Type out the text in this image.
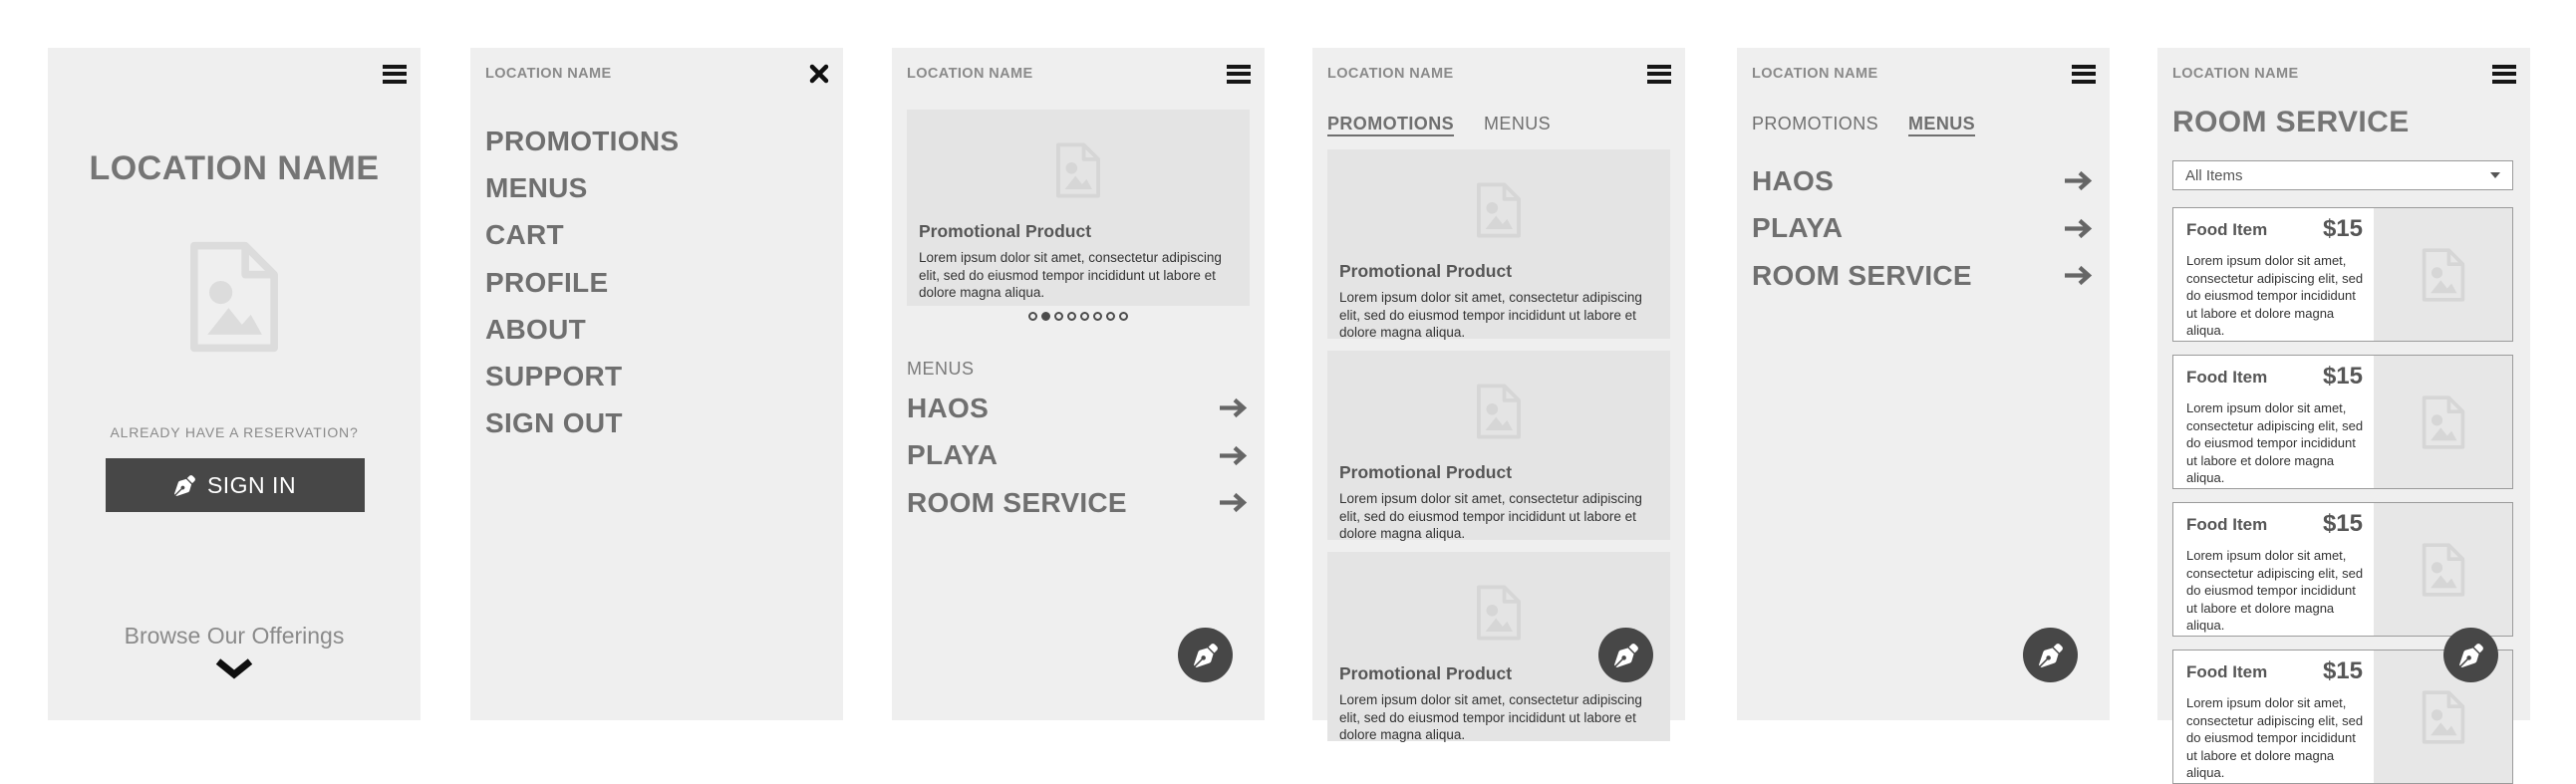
LOCATION NAME
ALREADY HAVE A RESERVATION?
SIGN IN
Browse Our Offerings
LOCATION NAME
PROMOTIONS
MENUS
CART
PROFILE
ABOUT
SUPPORT
SIGN OUT
LOCATION NAME
Promotional Product
Lorem ipsum dolor sit amet, consectetur adipiscing elit, sed do eiusmod tempor incididunt ut labore et dolore magna aliqua.
MENUS
HAOS
PLAYA
ROOM SERVICE
LOCATION NAME
PROMOTIONS MENUS
Promotional Product
Lorem ipsum dolor sit amet, consectetur adipiscing elit, sed do eiusmod tempor incididunt ut labore et dolore magna aliqua.
Promotional Product
Lorem ipsum dolor sit amet, consectetur adipiscing elit, sed do eiusmod tempor incididunt ut labore et dolore magna aliqua.
Promotional Product
Lorem ipsum dolor sit amet, consectetur adipiscing elit, sed do eiusmod tempor incididunt ut labore et dolore magna aliqua.
LOCATION NAME
PROMOTIONS MENUS
HAOS
PLAYA
ROOM SERVICE
LOCATION NAME
ROOM SERVICE
All Items
Food Item $15
Lorem ipsum dolor sit amet, consectetur adipiscing elit, sed do eiusmod tempor incididunt ut labore et dolore magna aliqua.
Food Item $15
Lorem ipsum dolor sit amet, consectetur adipiscing elit, sed do eiusmod tempor incididunt ut labore et dolore magna aliqua.
Food Item $15
Lorem ipsum dolor sit amet, consectetur adipiscing elit, sed do eiusmod tempor incididunt ut labore et dolore magna aliqua.
Food Item $15
Lorem ipsum dolor sit amet, consectetur adipiscing elit, sed do eiusmod tempor incididunt ut labore et dolore magna aliqua.
